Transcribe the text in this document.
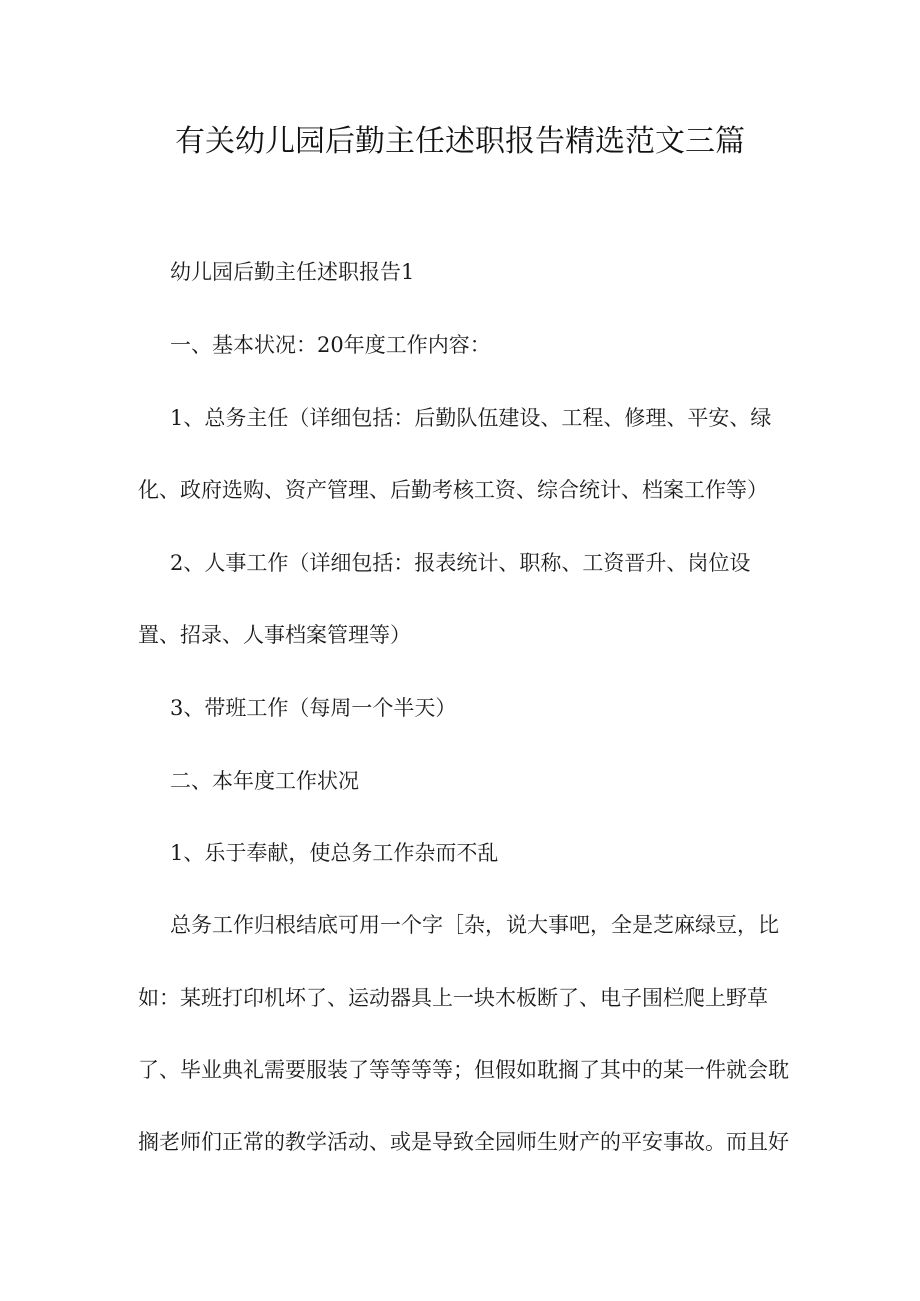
有关幼儿园后勤主任述职报告精选范文三篇
幼儿园后勤主任述职报告1
一、基本状况：20年度工作内容：
1、总务主任（详细包括：后勤队伍建设、工程、修理、平安、绿
化、政府选购、资产管理、后勤考核工资、综合统计、档案工作等）
2、人事工作（详细包括：报表统计、职称、工资晋升、岗位设
置、招录、人事档案管理等）
3、带班工作（每周一个半天）
二、本年度工作状况
1、乐于奉献，使总务工作杂而不乱
总务工作归根结底可用一个字［杂，说大事吧，全是芝麻绿豆，比
如：某班打印机坏了、运动器具上一块木板断了、电子围栏爬上野草
了、毕业典礼需要服装了等等等等；但假如耽搁了其中的某一件就会耽
搁老师们正常的教学活动、或是导致全园师生财产的平安事故。而且好
